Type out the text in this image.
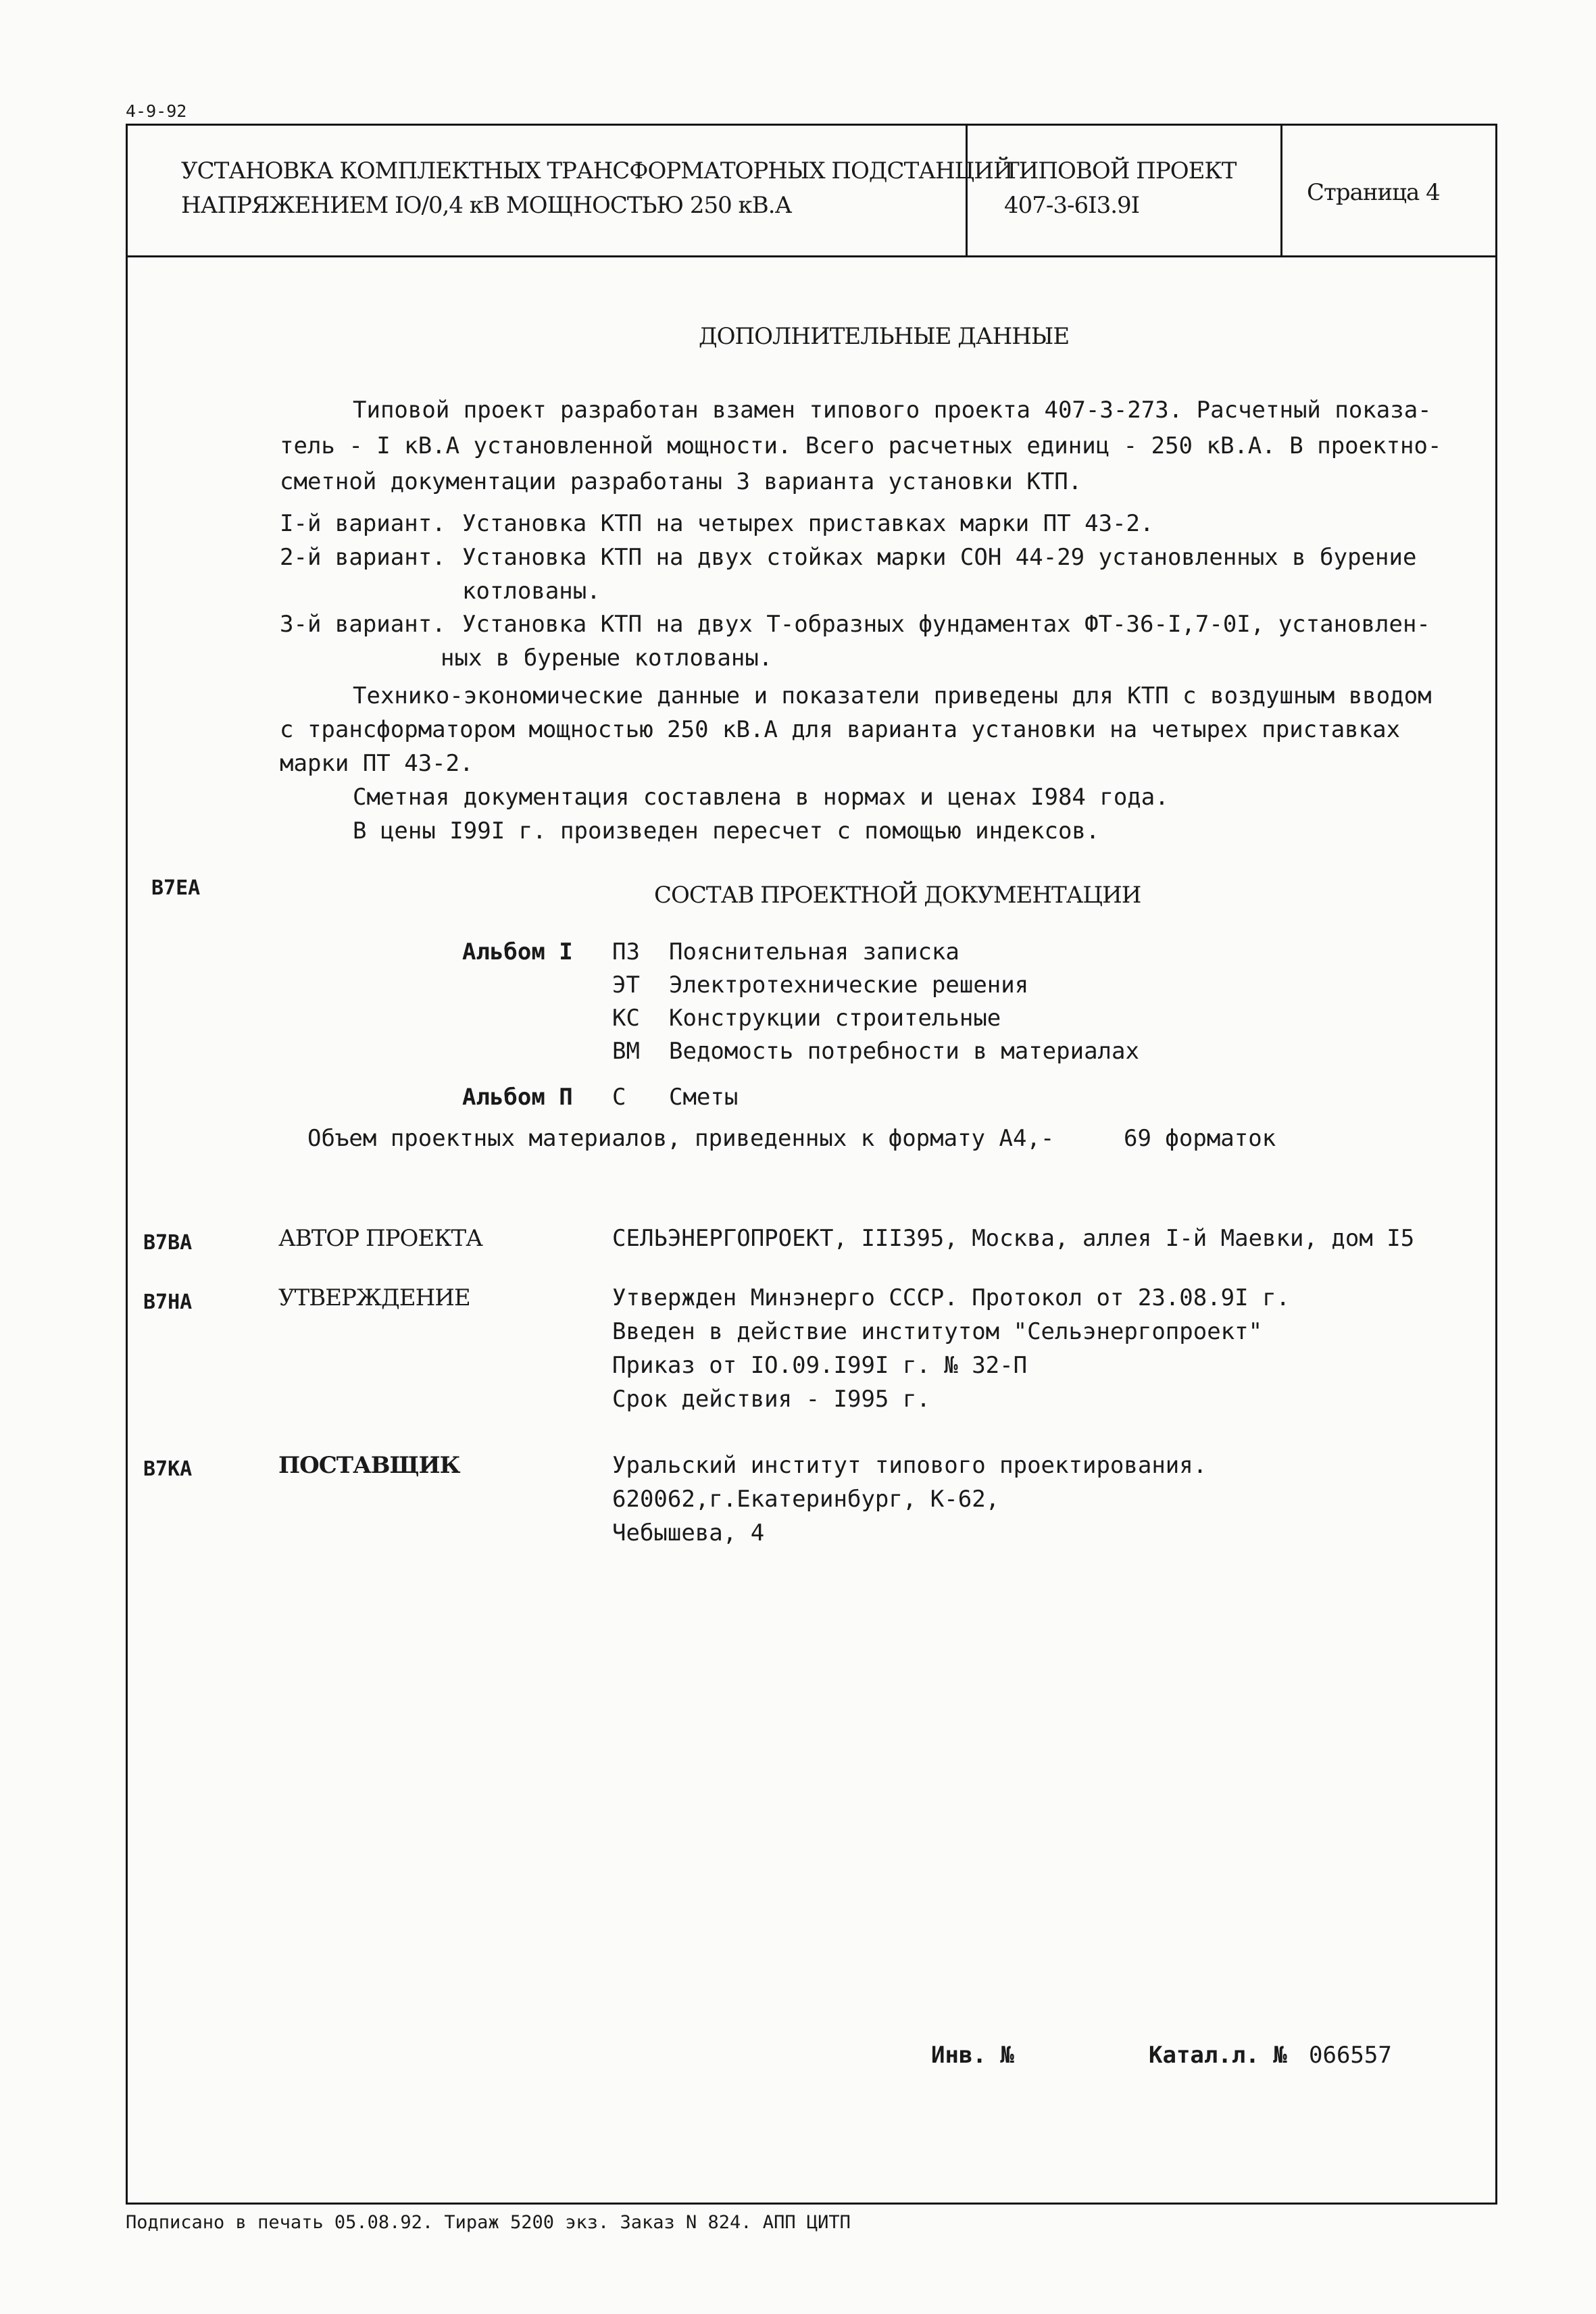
4-9-92
УСТАНОВКА КОМПЛЕКТНЫХ ТРАНСФОРМАТОРНЫХ ПОДСТАНЦИЙ
НАПРЯЖЕНИЕМ IO/0,4 кВ МОЩНОСТЬЮ 250 кВ.А
ТИПОВОЙ ПРОЕКТ
407-3-6I3.9I	Страница 4
ДОПОЛНИТЕЛЬНЫЕ ДАННЫЕ
Типовой проект разработан взамен типового проекта 407-3-273. Расчетный показа-
тель - I кВ.А установленной мощности. Всего расчетных единиц - 250 кВ.А. В проектно-
сметной документации разработаны 3 варианта установки КТП.
I-й вариант. Установка КТП на четырех приставках марки ПТ 43-2.
2-й вариант. Установка КТП на двух стойках марки СОН 44-29 установленных в бурение
котлованы.
3-й вариант. Установка КТП на двух Т-образных фундаментах ФТ-36-I,7-0I, установлен-
ных в буреные котлованы.
Технико-экономические данные и показатели приведены для КТП с воздушным вводом
с трансформатором мощностью 250 кВ.А для варианта установки на четырех приставках
марки ПТ 43-2.
Сметная документация составлена в нормах и ценах I984 года.
В цены I99I г. произведен пересчет с помощью индексов.
В7ЕА	СОСТАВ ПРОЕКТНОЙ ДОКУМЕНТАЦИИ
Альбом I ПЗ Пояснительная записка
ЭТ Электротехнические решения
КС Конструкции строительные
ВМ Ведомость потребности в материалах
Альбом П С Сметы
Объем проектных материалов, приведенных к формату А4,-	69 форматок
В7ВА	АВТОР ПРОЕКТА	СЕЛЬЭНЕРГОПРОЕКТ, III395, Москва, аллея I-й Маевки, дом I5
В7НА	УТВЕРЖДЕНИЕ	Утвержден Минэнерго СССР. Протокол от 23.08.9I г.
Введен в действие институтом "Сельэнергопроект"
Приказ от IO.09.I99I г. № 32-П
Срок действия - I995 г.
В7КА	ПОСТАВЩИК	Уральский институт типового проектирования.
620062,г.Екатеринбург, К-62,
Чебышева, 4
Инв. №	Катал.л. № 066557
Подписано в печать 05.08.92. Тираж 5200 экз. Заказ N 824. АПП ЦИТП
